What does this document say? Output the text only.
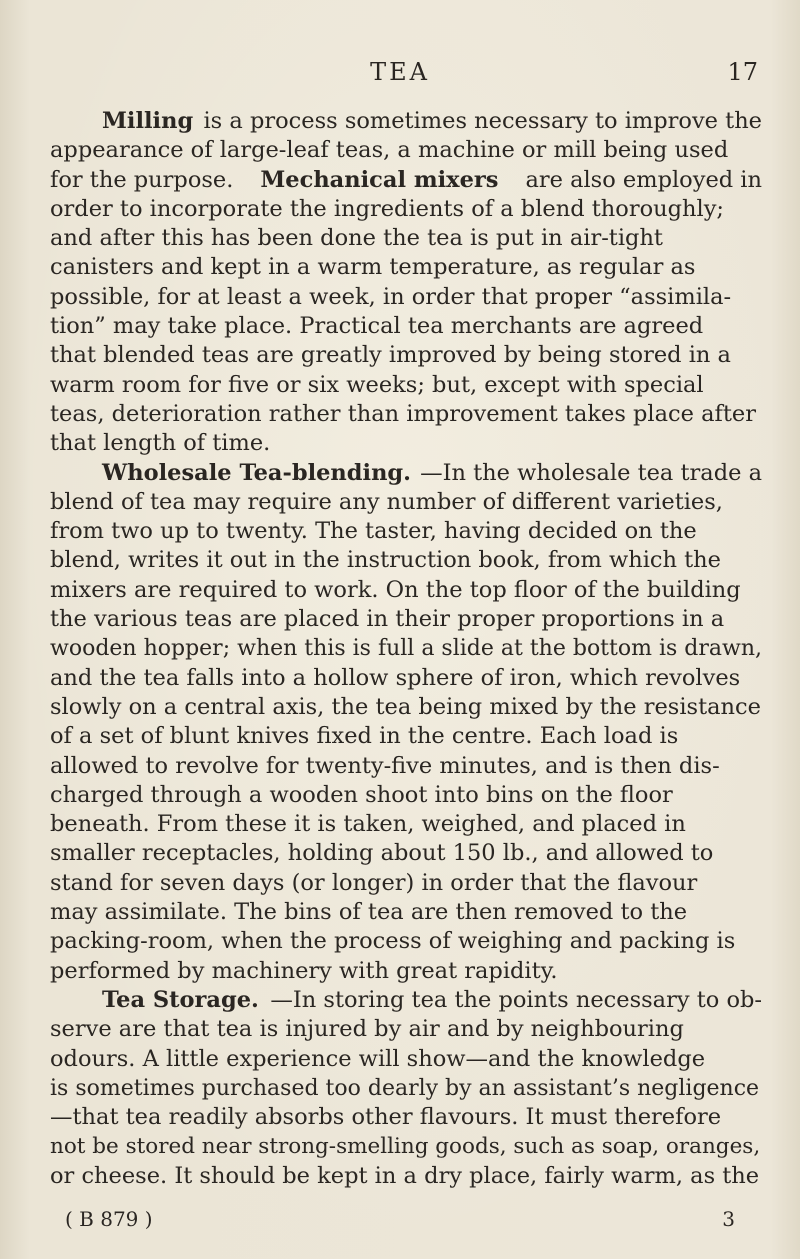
TEA	17
Milling is a process sometimes necessary to improve the
appearance of large-leaf teas, a machine or mill being used
for the purpose. Mechanical mixers are also employed in
order to incorporate the ingredients of a blend thoroughly;
and after this has been done the tea is put in air-tight
canisters and kept in a warm temperature, as regular as
possible, for at least a week, in order that proper “assimila-
tion” may take place. Practical tea merchants are agreed
that blended teas are greatly improved by being stored in a
warm room for five or six weeks; but, except with special
teas, deterioration rather than improvement takes place after
that length of time.
Wholesale Tea-blending. —In the wholesale tea trade a
blend of tea may require any number of different varieties,
from two up to twenty. The taster, having decided on the
blend, writes it out in the instruction book, from which the
mixers are required to work. On the top floor of the building
the various teas are placed in their proper proportions in a
wooden hopper; when this is full a slide at the bottom is drawn,
and the tea falls into a hollow sphere of iron, which revolves
slowly on a central axis, the tea being mixed by the resistance
of a set of blunt knives fixed in the centre. Each load is
allowed to revolve for twenty-five minutes, and is then dis-
charged through a wooden shoot into bins on the floor
beneath. From these it is taken, weighed, and placed in
smaller receptacles, holding about 150 lb., and allowed to
stand for seven days (or longer) in order that the flavour
may assimilate. The bins of tea are then removed to the
packing-room, when the process of weighing and packing is
performed by machinery with great rapidity.
Tea Storage. —In storing tea the points necessary to ob-
serve are that tea is injured by air and by neighbouring
odours. A little experience will show—and the knowledge
is sometimes purchased too dearly by an assistant’s negligence
—that tea readily absorbs other flavours. It must therefore
not be stored near strong-smelling goods, such as soap, oranges,
or cheese. It should be kept in a dry place, fairly warm, as the
( B 879 )	3
